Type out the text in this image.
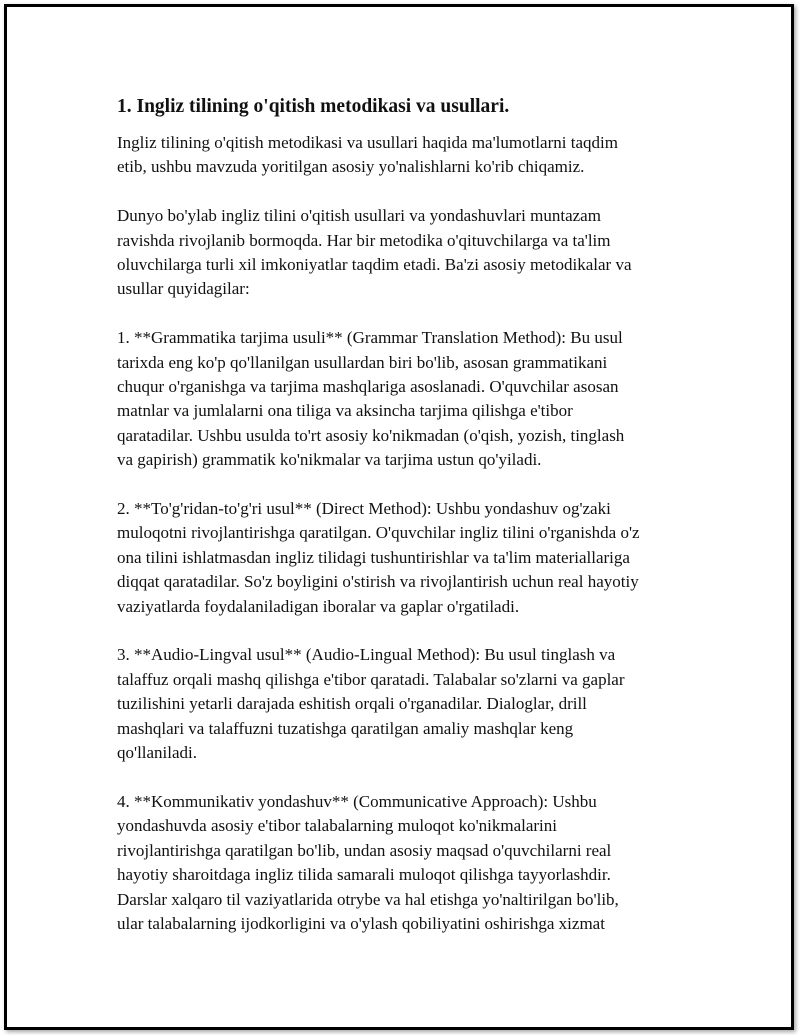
1. Ingliz tilining o'qitish metodikasi va usullari.
Ingliz tilining o'qitish metodikasi va usullari haqida ma'lumotlarni taqdim
etib, ushbu mavzuda yoritilgan asosiy yo'nalishlarni ko'rib chiqamiz.
Dunyo bo'ylab ingliz tilini o'qitish usullari va yondashuvlari muntazam
ravishda rivojlanib bormoqda. Har bir metodika o'qituvchilarga va ta'lim
oluvchilarga turli xil imkoniyatlar taqdim etadi. Ba'zi asosiy metodikalar va
usullar quyidagilar:
1. **Grammatika tarjima usuli** (Grammar Translation Method): Bu usul
tarixda eng ko'p qo'llanilgan usullardan biri bo'lib, asosan grammatikani
chuqur o'rganishga va tarjima mashqlariga asoslanadi. O'quvchilar asosan
matnlar va jumlalarni ona tiliga va aksincha tarjima qilishga e'tibor
qaratadilar. Ushbu usulda to'rt asosiy ko'nikmadan (o'qish, yozish, tinglash
va gapirish) grammatik ko'nikmalar va tarjima ustun qo'yiladi.
2. **To'g'ridan-to'g'ri usul** (Direct Method): Ushbu yondashuv og'zaki
muloqotni rivojlantirishga qaratilgan. O'quvchilar ingliz tilini o'rganishda o'z
ona tilini ishlatmasdan ingliz tilidagi tushuntirishlar va ta'lim materiallariga
diqqat qaratadilar. So'z boyligini o'stirish va rivojlantirish uchun real hayotiy
vaziyatlarda foydalaniladigan iboralar va gaplar o'rgatiladi.
3. **Audio-Lingval usul** (Audio-Lingual Method): Bu usul tinglash va
talaffuz orqali mashq qilishga e'tibor qaratadi. Talabalar so'zlarni va gaplar
tuzilishini yetarli darajada eshitish orqali o'rganadilar. Dialoglar, drill
mashqlari va talaffuzni tuzatishga qaratilgan amaliy mashqlar keng
qo'llaniladi.
4. **Kommunikativ yondashuv** (Communicative Approach): Ushbu
yondashuvda asosiy e'tibor talabalarning muloqot ko'nikmalarini
rivojlantirishga qaratilgan bo'lib, undan asosiy maqsad o'quvchilarni real
hayotiy sharoitdaga ingliz tilida samarali muloqot qilishga tayyorlashdir.
Darslar xalqaro til vaziyatlarida otrybe va hal etishga yo'naltirilgan bo'lib,
ular talabalarning ijodkorligini va o'ylash qobiliyatini oshirishga xizmat
